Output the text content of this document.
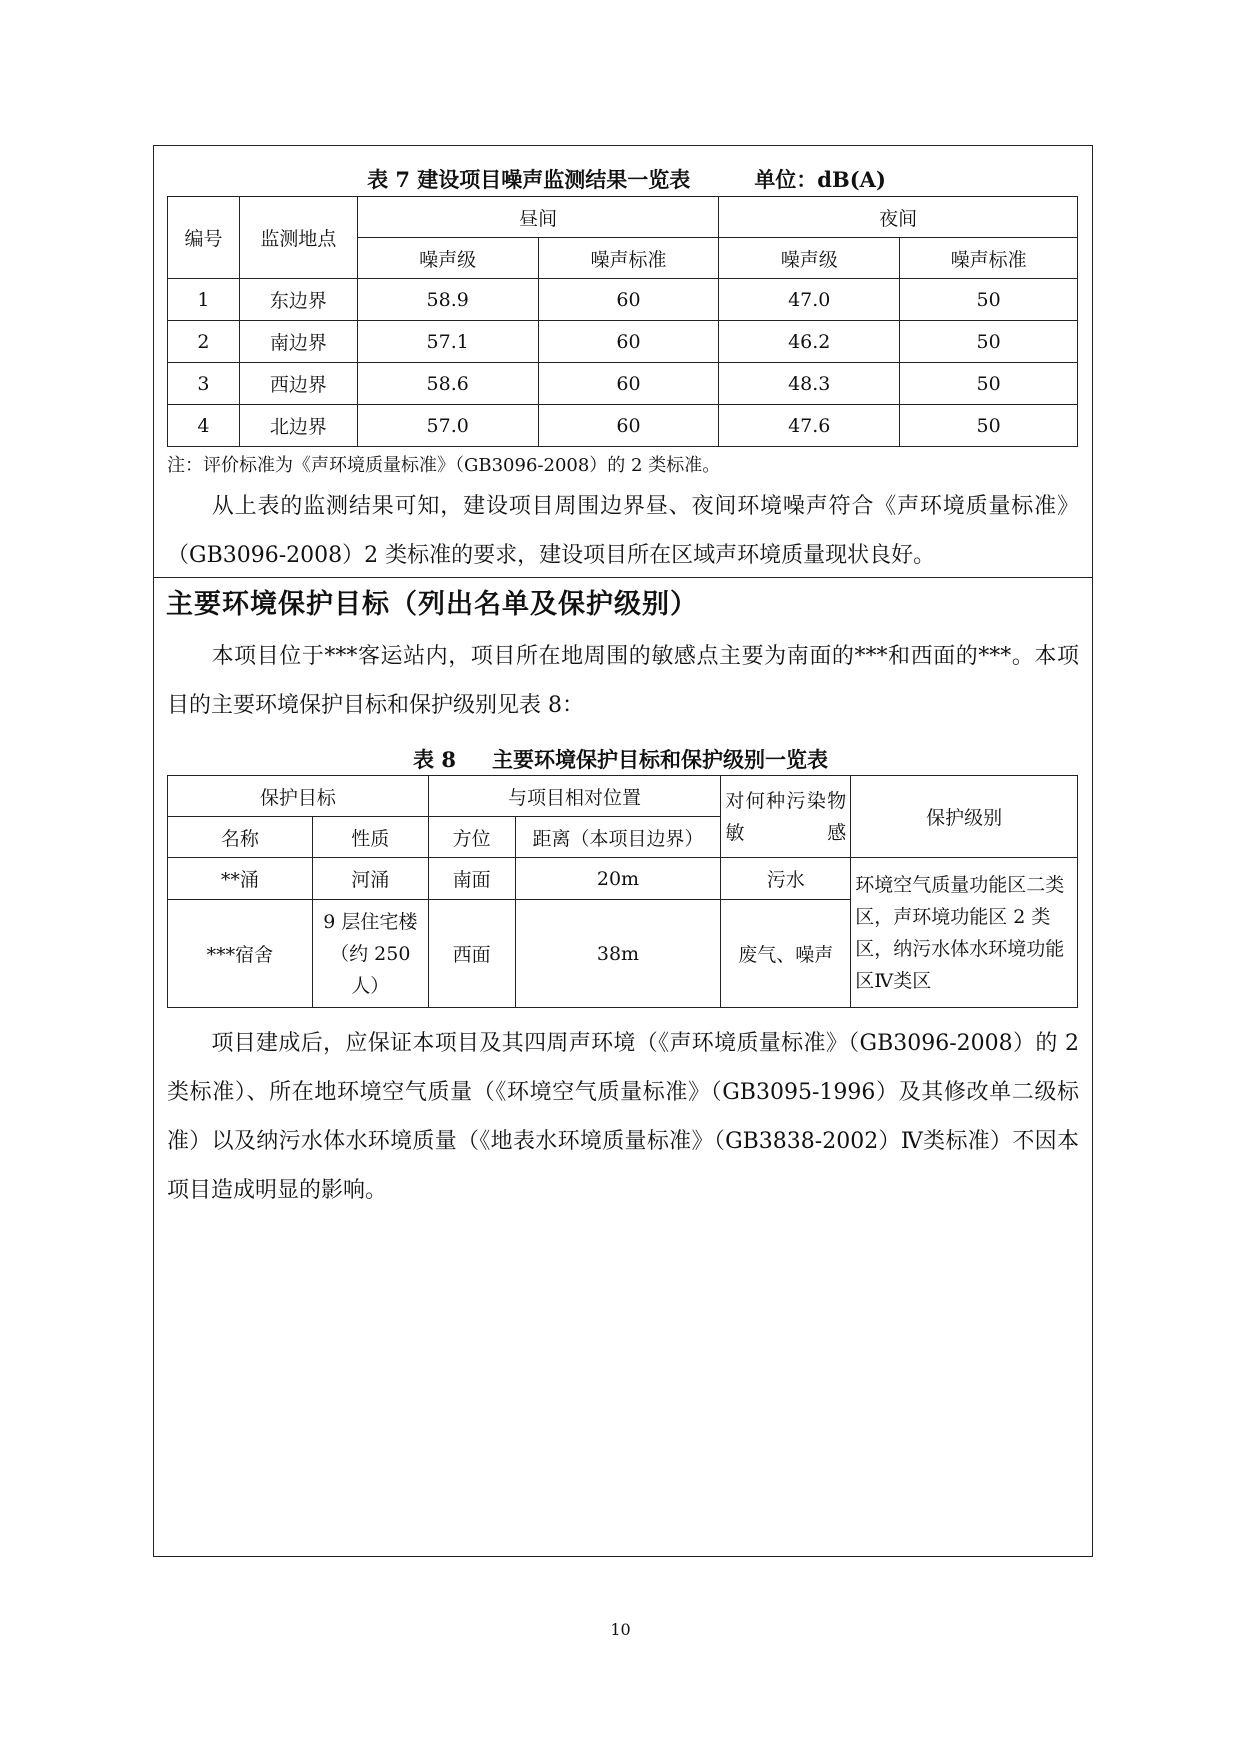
表 7 建设项目噪声监测结果一览表	单位：dB(A)
编号	监测地点	昼间		夜间	
		噪声级	噪声标准	噪声级	噪声标准
1	东边界	58.9	60	47.0	50
2	南边界	57.1	60	46.2	50
3	西边界	58.6	60	48.3	50
4	北边界	57.0	60	47.6	50
注：评价标准为《声环境质量标准》（GB3096-2008）的 2 类标准。
从上表的监测结果可知，建设项目周围边界昼、夜间环境噪声符合《声环境质量标准》（GB3096-2008）2 类标准的要求，建设项目所在区域声环境质量现状良好。
主要环境保护目标（列出名单及保护级别）
本项目位于***客运站内，项目所在地周围的敏感点主要为南面的***和西面的***。本项目的主要环境保护目标和保护级别见表 8：
表 8 主要环境保护目标和保护级别一览表
保护目标		与项目相对位置		对何种污染物敏感	保护级别
名称	性质	方位	距离（本项目边界）		
**涌	河涌	南面	20m	污水	环境空气质量功能区二类区，声环境功能区 2 类区，纳污水体水环境功能区Ⅳ类区
***宿舍	9 层住宅楼（约 250 人）	西面	38m	废气、噪声	
项目建成后，应保证本项目及其四周声环境（《声环境质量标准》（GB3096-2008）的 2 类标准）、所在地环境空气质量（《环境空气质量标准》（GB3095-1996）及其修改单二级标准）以及纳污水体水环境质量（《地表水环境质量标准》（GB3838-2002）Ⅳ类标准）不因本项目造成明显的影响。
10
